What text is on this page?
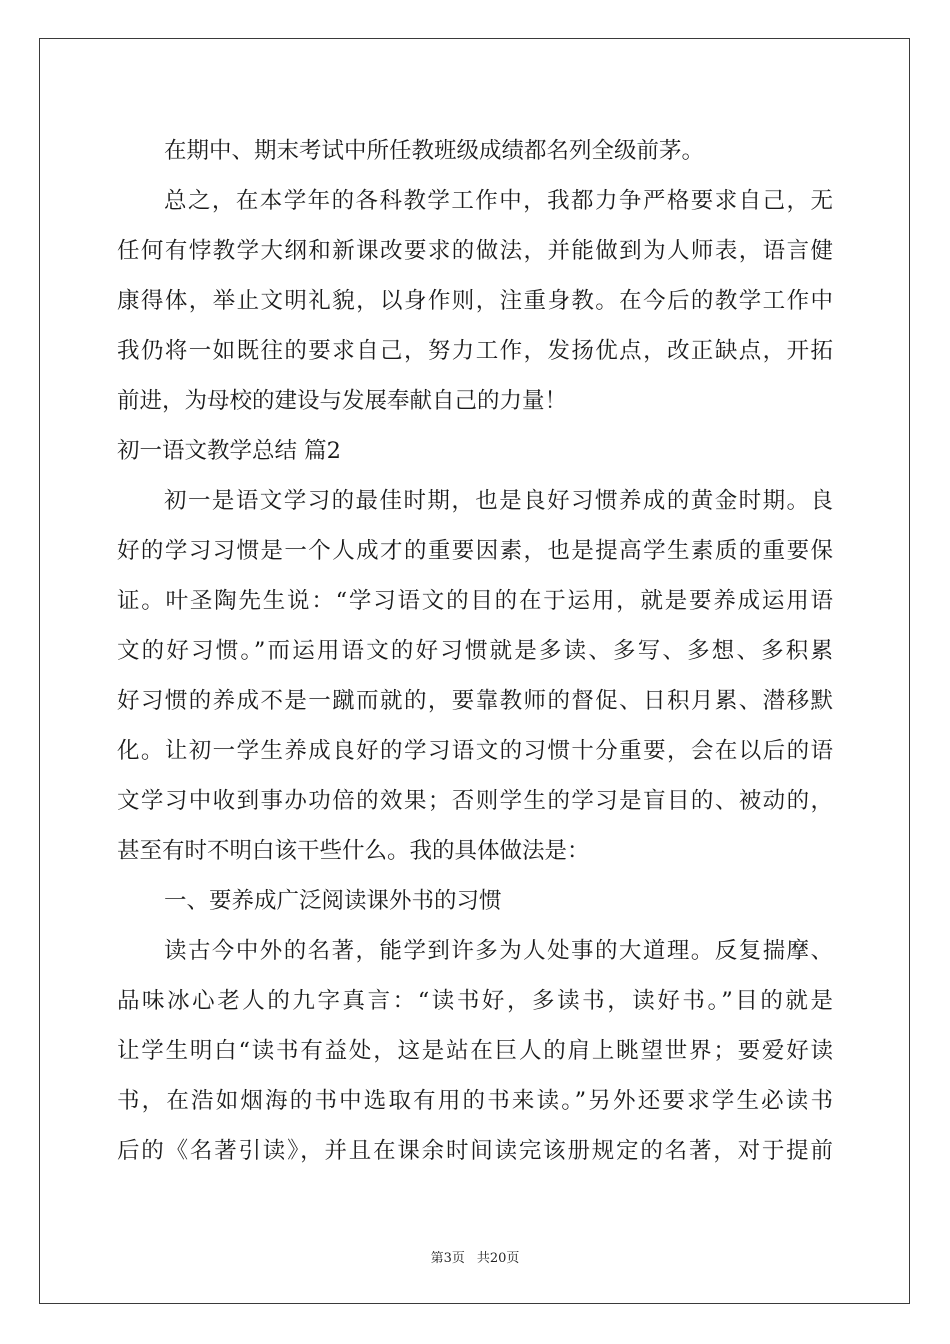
在期中、期末考试中所任教班级成绩都名列全级前茅。
总之，在本学年的各科教学工作中，我都力争严格要求自己，无
任何有悖教学大纲和新课改要求的做法，并能做到为人师表，语言健
康得体，举止文明礼貌，以身作则，注重身教。在今后的教学工作中
我仍将一如既往的要求自己，努力工作，发扬优点，改正缺点，开拓
前进，为母校的建设与发展奉献自己的力量！
初一语文教学总结 篇2
初一是语文学习的最佳时期，也是良好习惯养成的黄金时期。良
好的学习习惯是一个人成才的重要因素，也是提高学生素质的重要保
证。叶圣陶先生说：“学习语文的目的在于运用，就是要养成运用语
文的好习惯。”而运用语文的好习惯就是多读、多写、多想、多积累
好习惯的养成不是一蹴而就的，要靠教师的督促、日积月累、潜移默
化。让初一学生养成良好的学习语文的习惯十分重要，会在以后的语
文学习中收到事办功倍的效果；否则学生的学习是盲目的、被动的，
甚至有时不明白该干些什么。我的具体做法是：
一、要养成广泛阅读课外书的习惯
读古今中外的名著，能学到许多为人处事的大道理。反复揣摩、
品味冰心老人的九字真言：“读书好，多读书，读好书。”目的就是
让学生明白“读书有益处，这是站在巨人的肩上眺望世界；要爱好读
书，在浩如烟海的书中选取有用的书来读。”另外还要求学生必读书
后的《名著引读》，并且在课余时间读完该册规定的名著，对于提前
第3页 共20页
